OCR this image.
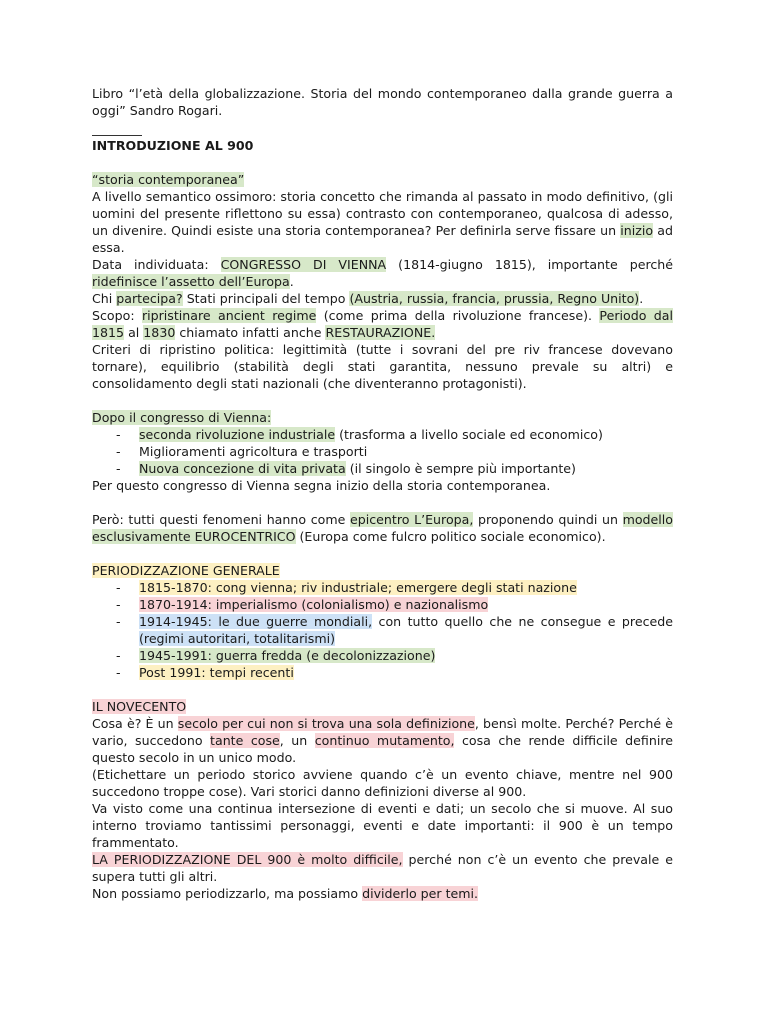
Libro “l’età della globalizzazione. Storia del mondo contemporaneo dalla grande guerra a

oggi” Sandro Rogari.

INTRODUZIONE AL 900

“storia contemporanea”

A livello semantico ossimoro: storia concetto che rimanda al passato in modo definitivo, (gli uomini del presente riflettono su essa) contrasto con contemporaneo, qualcosa di adesso, un divenire. Quindi esiste una storia contemporanea? Per definirla serve fissare un inizio ad essa.

Data individuata: CONGRESSO DI VIENNA (1814-giugno 1815), importante perché ridefinisce l’assetto dell’Europa.

Chi partecipa? Stati principali del tempo (Austria, russia, francia, prussia, Regno Unito).

Scopo: ripristinare ancient regime (come prima della rivoluzione francese). Periodo dal 1815 al 1830 chiamato infatti anche RESTAURAZIONE.

Criteri di ripristino politica: legittimità (tutte i sovrani del pre riv francese dovevano tornare), equilibrio (stabilità degli stati garantita, nessuno prevale su altri) e consolidamento degli stati nazionali (che diventeranno protagonisti).

Dopo il congresso di Vienna:

- seconda rivoluzione industriale (trasforma a livello sociale ed economico)
- Miglioramenti agricoltura e trasporti
- Nuova concezione di vita privata (il singolo è sempre più importante)

Per questo congresso di Vienna segna inizio della storia contemporanea.

Però: tutti questi fenomeni hanno come epicentro L’Europa, proponendo quindi un modello esclusivamente EUROCENTRICO (Europa come fulcro politico sociale economico).

PERIODIZZAZIONE GENERALE

- 1815-1870: cong vienna; riv industriale; emergere degli stati nazione
- 1870-1914: imperialismo (colonialismo) e nazionalismo
- 1914-1945: le due guerre mondiali, con tutto quello che ne consegue e precede (regimi autoritari, totalitarismi)
- 1945-1991: guerra fredda (e decolonizzazione)
- Post 1991: tempi recenti

IL NOVECENTO

Cosa è? È un secolo per cui non si trova una sola definizione, bensì molte. Perché? Perché è vario, succedono tante cose, un continuo mutamento, cosa che rende difficile definire questo secolo in un unico modo.

(Etichettare un periodo storico avviene quando c’è un evento chiave, mentre nel 900 succedono troppe cose). Vari storici danno definizioni diverse al 900.

Va visto come una continua intersezione di eventi e dati; un secolo che si muove. Al suo interno troviamo tantissimi personaggi, eventi e date importanti: il 900 è un tempo frammentato.

LA PERIODIZZAZIONE DEL 900 è molto difficile, perché non c’è un evento che prevale e supera tutti gli altri.

Non possiamo periodizzarlo, ma possiamo dividerlo per temi.
